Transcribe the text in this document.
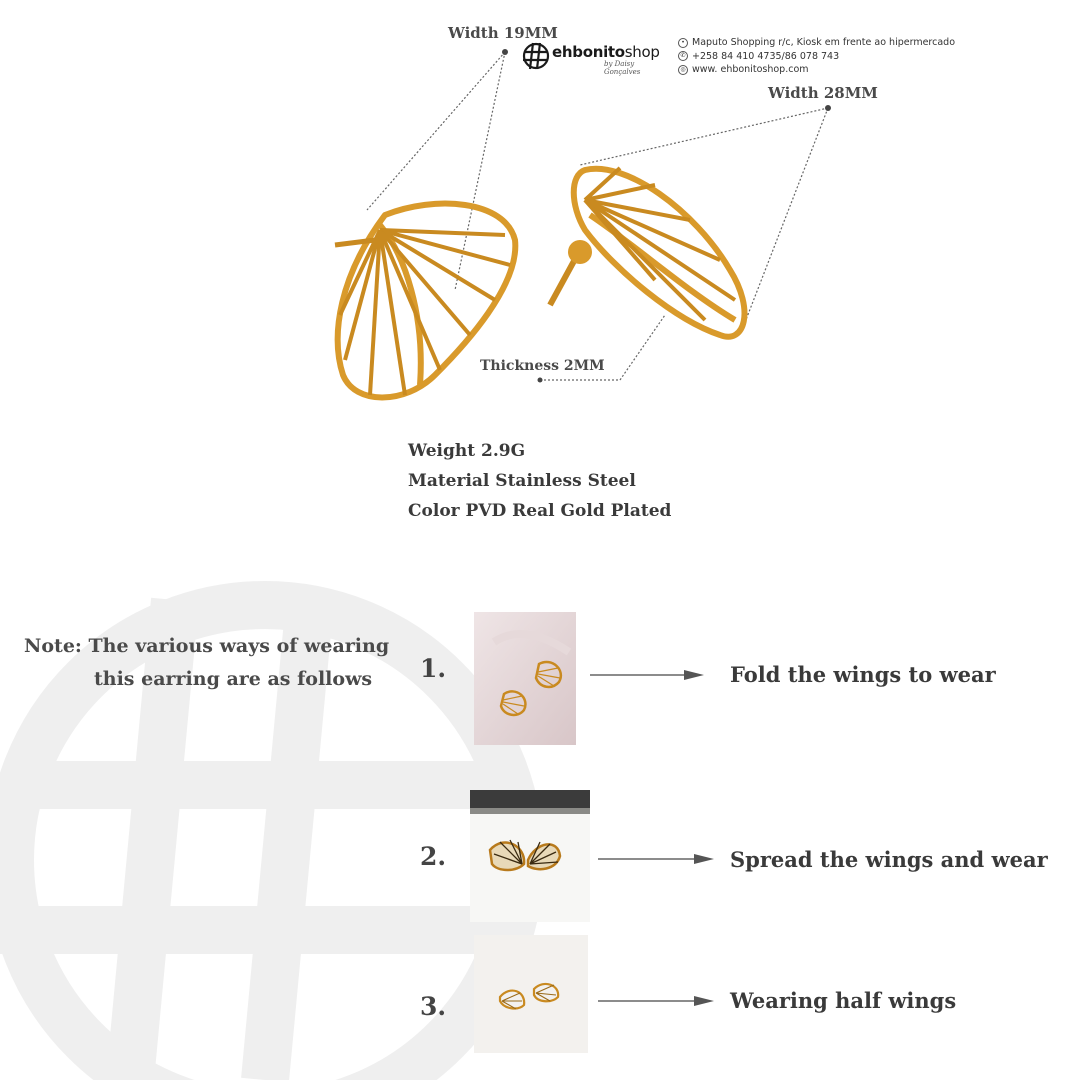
ehbonitoshop
by Daisy Gonçalves
• Maputo Shopping r/c, Kiosk em frente ao hipermercado
✆ +258 84 410 4735/86 078 743
◎ www. ehbonitoshop.com
Width 19MM
Width 28MM
Thickness 2MM
Weight 2.9G
Material Stainless Steel
Color PVD Real Gold Plated
Note: The various ways of wearing
this earring are as follows	1.	Fold the wings to wear
2.	Spread the wings and wear
3.	Wearing half wings
